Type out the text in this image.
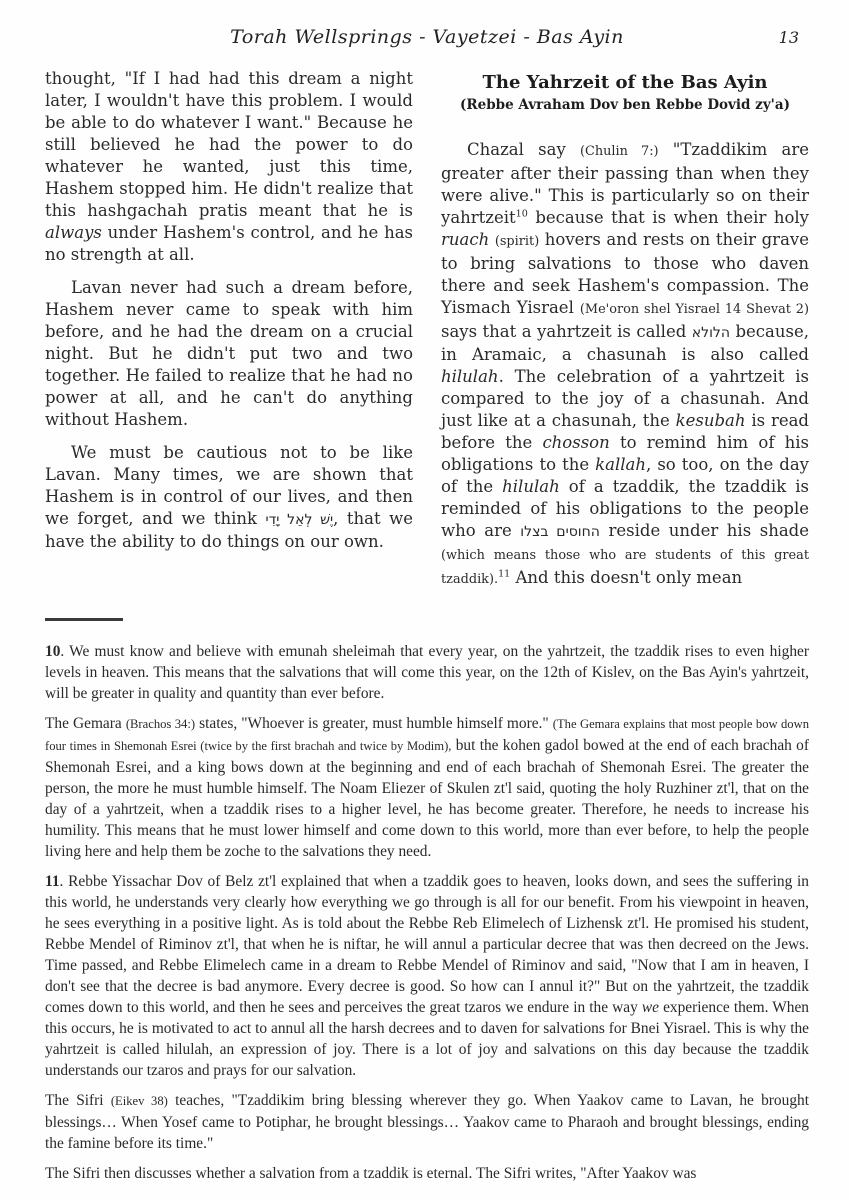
Torah Wellsprings - Vayetzei - Bas Ayin	13

thought, "If I had had this dream a night later, I wouldn't have this problem. I would be able to do whatever I want." Because he still believed he had the power to do whatever he wanted, just this time, Hashem stopped him. He didn't realize that this hashgachah pratis meant that he is always under Hashem's control, and he has no strength at all.

Lavan never had such a dream before, Hashem never came to speak with him before, and he had the dream on a crucial night. But he didn't put two and two together. He failed to realize that he had no power at all, and he can't do anything without Hashem.

We must be cautious not to be like Lavan. Many times, we are shown that Hashem is in control of our lives, and then we forget, and we think יֶשׁ לְאֵל יָדִי, that we have the ability to do things on our own.

The Yahrzeit of the Bas Ayin
(Rebbe Avraham Dov ben Rebbe Dovid zy'a)

Chazal say (Chulin 7:) "Tzaddikim are greater after their passing than when they were alive." This is particularly so on their yahrtzeit$^{10}$ because that is when their holy ruach (spirit) hovers and rests on their grave to bring salvations to those who daven there and seek Hashem's compassion. The Yismach Yisrael (Me'oron shel Yisrael 14 Shevat 2) says that a yahrtzeit is called הלולא because, in Aramaic, a chasunah is also called hilulah. The celebration of a yahrtzeit is compared to the joy of a chasunah. And just like at a chasunah, the kesubah is read before the chosson to remind him of his obligations to the kallah, so too, on the day of the hilulah of a tzaddik, the tzaddik is reminded of his obligations to the people who are החוסים בצלו reside under his shade (which means those who are students of this great tzaddik).$^{11}$ And this doesn't only mean

10. We must know and believe with emunah sheleimah that every year, on the yahrtzeit, the tzaddik rises to even higher levels in heaven. This means that the salvations that will come this year, on the 12th of Kislev, on the Bas Ayin's yahrtzeit, will be greater in quality and quantity than ever before.

The Gemara (Brachos 34:) states, "Whoever is greater, must humble himself more." (The Gemara explains that most people bow down four times in Shemonah Esrei (twice by the first brachah and twice by Modim), but the kohen gadol bowed at the end of each brachah of Shemonah Esrei, and a king bows down at the beginning and end of each brachah of Shemonah Esrei. The greater the person, the more he must humble himself. The Noam Eliezer of Skulen zt'l said, quoting the holy Ruzhiner zt'l, that on the day of a yahrtzeit, when a tzaddik rises to a higher level, he has become greater. Therefore, he needs to increase his humility. This means that he must lower himself and come down to this world, more than ever before, to help the people living here and help them be zoche to the salvations they need.

11. Rebbe Yissachar Dov of Belz zt'l explained that when a tzaddik goes to heaven, looks down, and sees the suffering in this world, he understands very clearly how everything we go through is all for our benefit. From his viewpoint in heaven, he sees everything in a positive light. As is told about the Rebbe Reb Elimelech of Lizhensk zt'l. He promised his student, Rebbe Mendel of Riminov zt'l, that when he is niftar, he will annul a particular decree that was then decreed on the Jews. Time passed, and Rebbe Elimelech came in a dream to Rebbe Mendel of Riminov and said, "Now that I am in heaven, I don't see that the decree is bad anymore. Every decree is good. So how can I annul it?" But on the yahrtzeit, the tzaddik comes down to this world, and then he sees and perceives the great tzaros we endure in the way we experience them. When this occurs, he is motivated to act to annul all the harsh decrees and to daven for salvations for Bnei Yisrael. This is why the yahrtzeit is called hilulah, an expression of joy. There is a lot of joy and salvations on this day because the tzaddik understands our tzaros and prays for our salvation.

The Sifri (Eikev 38) teaches, "Tzaddikim bring blessing wherever they go. When Yaakov came to Lavan, he brought blessings… When Yosef came to Potiphar, he brought blessings… Yaakov came to Pharaoh and brought blessings, ending the famine before its time."

The Sifri then discusses whether a salvation from a tzaddik is eternal. The Sifri writes, "After Yaakov was
